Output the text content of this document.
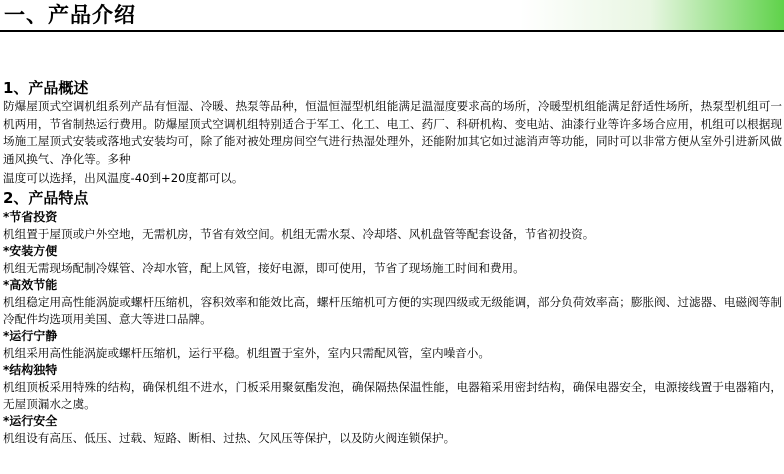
一、产品介绍
1、产品概述
防爆屋顶式空调机组系列产品有恒湿、冷暖、热泵等品种，恒温恒湿型机组能满足温湿度要求高的场所，冷暖型机组能满足舒适性场所，热泵型机组可一机两用，节省制热运行费用。防爆屋顶式空调机组特别适合于军工、化工、电工、药厂、科研机构、变电站、油漆行业等许多场合应用，机组可以根据现场施工屋顶式安装或落地式安装均可，除了能对被处理房间空气进行热湿处理外，还能附加其它如过滤消声等功能，同时可以非常方便从室外引进新风做通风换气、净化等。多种
温度可以选择，出风温度-40到+20度都可以。
2、产品特点
*节省投资
机组置于屋顶或户外空地，无需机房，节省有效空间。机组无需水泵、冷却塔、风机盘管等配套设备，节省初投资。
*安装方便
机组无需现场配制冷媒管、冷却水管，配上风管，接好电源，即可使用，节省了现场施工时间和费用。
*高效节能
机组稳定用高性能涡旋或螺杆压缩机，容积效率和能效比高，螺杆压缩机可方便的实现四级或无级能调，部分负荷效率高；膨胀阀、过滤器、电磁阀等制冷配件均选项用美国、意大等进口品牌。
*运行宁静
机组采用高性能涡旋或螺杆压缩机，运行平稳。机组置于室外，室内只需配风管，室内噪音小。
*结构独特
机组顶板采用特殊的结构，确保机组不进水，门板采用聚氨酯发泡，确保隔热保温性能，电器箱采用密封结构，确保电器安全，电源接线置于电器箱内，无屋顶漏水之虞。
*运行安全
机组设有高压、低压、过载、短路、断相、过热、欠风压等保护，以及防火阀连锁保护。
